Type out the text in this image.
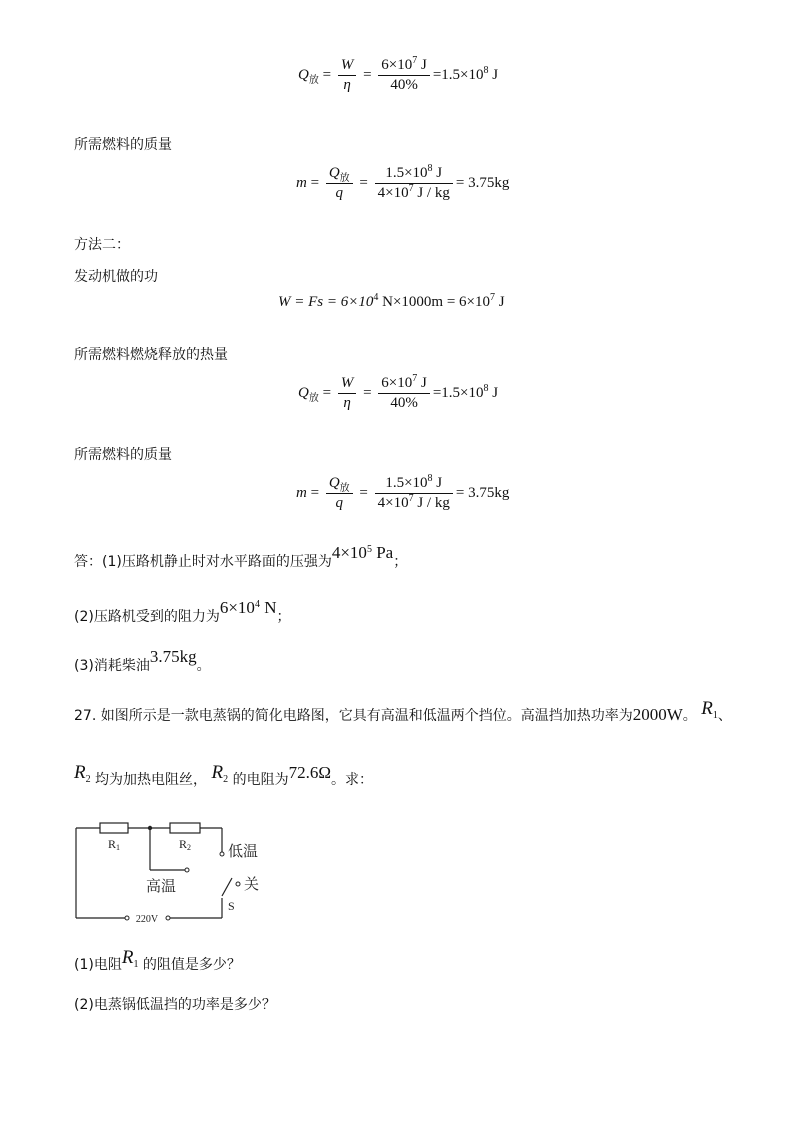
$Q_放 = \frac{W}{\eta} = \frac{6\times 10^7 J}{40\%} =1.5\times 10^8$ J
所需燃料的质量
$m = \frac{Q_放}{q} = \frac{1.5\times 10^8 J}{4\times 10^7 J / kg} = 3.75kg$
方法二：
发动机做的功
$W = Fs = 6\times 10^4$ $N\times 1000m = 6\times 10^7$ J
所需燃料燃烧释放的热量
$Q_放 = \frac{W}{\eta} = \frac{6\times 10^7 J}{40\%} =1.5\times 10^8$ J
所需燃料的质量
$m = \frac{Q_放}{q} = \frac{1.5\times 10^8 J}{4\times 10^7 J / kg} = 3.75kg$
答：(1)压路机静止时对水平路面的压强为$4\times 10^5$ Pa；
(2)压路机受到的阻力为$6\times 10^4$ N；
(3)消耗柴油3.75kg。
27. 如图所示是一款电蒸锅的简化电路图，它具有高温和低温两个挡位。高温挡加热功率为2000W。 $R_1$、
$R_2$ 均为加热电阻丝， $R_2$ 的电阻为72.6Ω。求：
R1	R2 低温
高温	关
S
220V
(1)电阻$R_1$ 的阻值是多少？
(2)电蒸锅低温挡的功率是多少？
